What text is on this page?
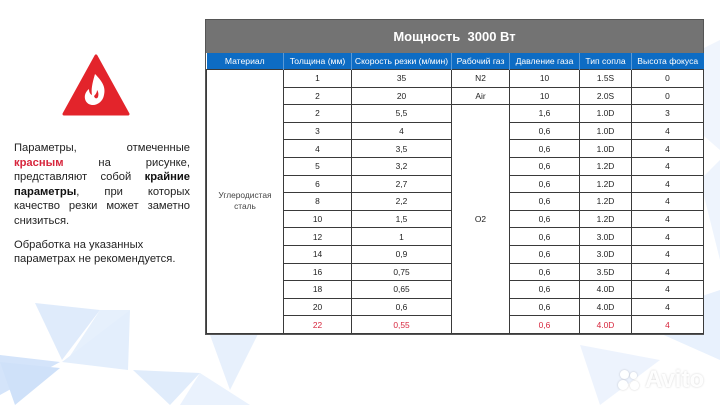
Параметры, отмеченные красным на рисунке, представляют собой крайние параметры, при которых качество резки может заметно снизиться.

Обработка на указанных параметрах не рекомендуется.

Мощность  3000 Вт
Материал	Толщина (мм)	Скорость резки (м/мин)	Рабочий газ	Давление газа	Тип сопла	Высота фокуса
Углеродистая сталь	1	35	N2	10	1.5S	0
	2	20	Air	10	2.0S	0
	2	5,5	O2	1,6	1.0D	3
	3	4		0,6	1.0D	4
	4	3,5		0,6	1.0D	4
	5	3,2		0,6	1.2D	4
	6	2,7		0,6	1.2D	4
	8	2,2		0,6	1.2D	4
	10	1,5		0,6	1.2D	4
	12	1		0,6	3.0D	4
	14	0,9		0,6	3.0D	4
	16	0,75		0,6	3.5D	4
	18	0,65		0,6	4.0D	4
	20	0,6		0,6	4.0D	4
	22	0,55		0,6	4.0D	4
Avito
